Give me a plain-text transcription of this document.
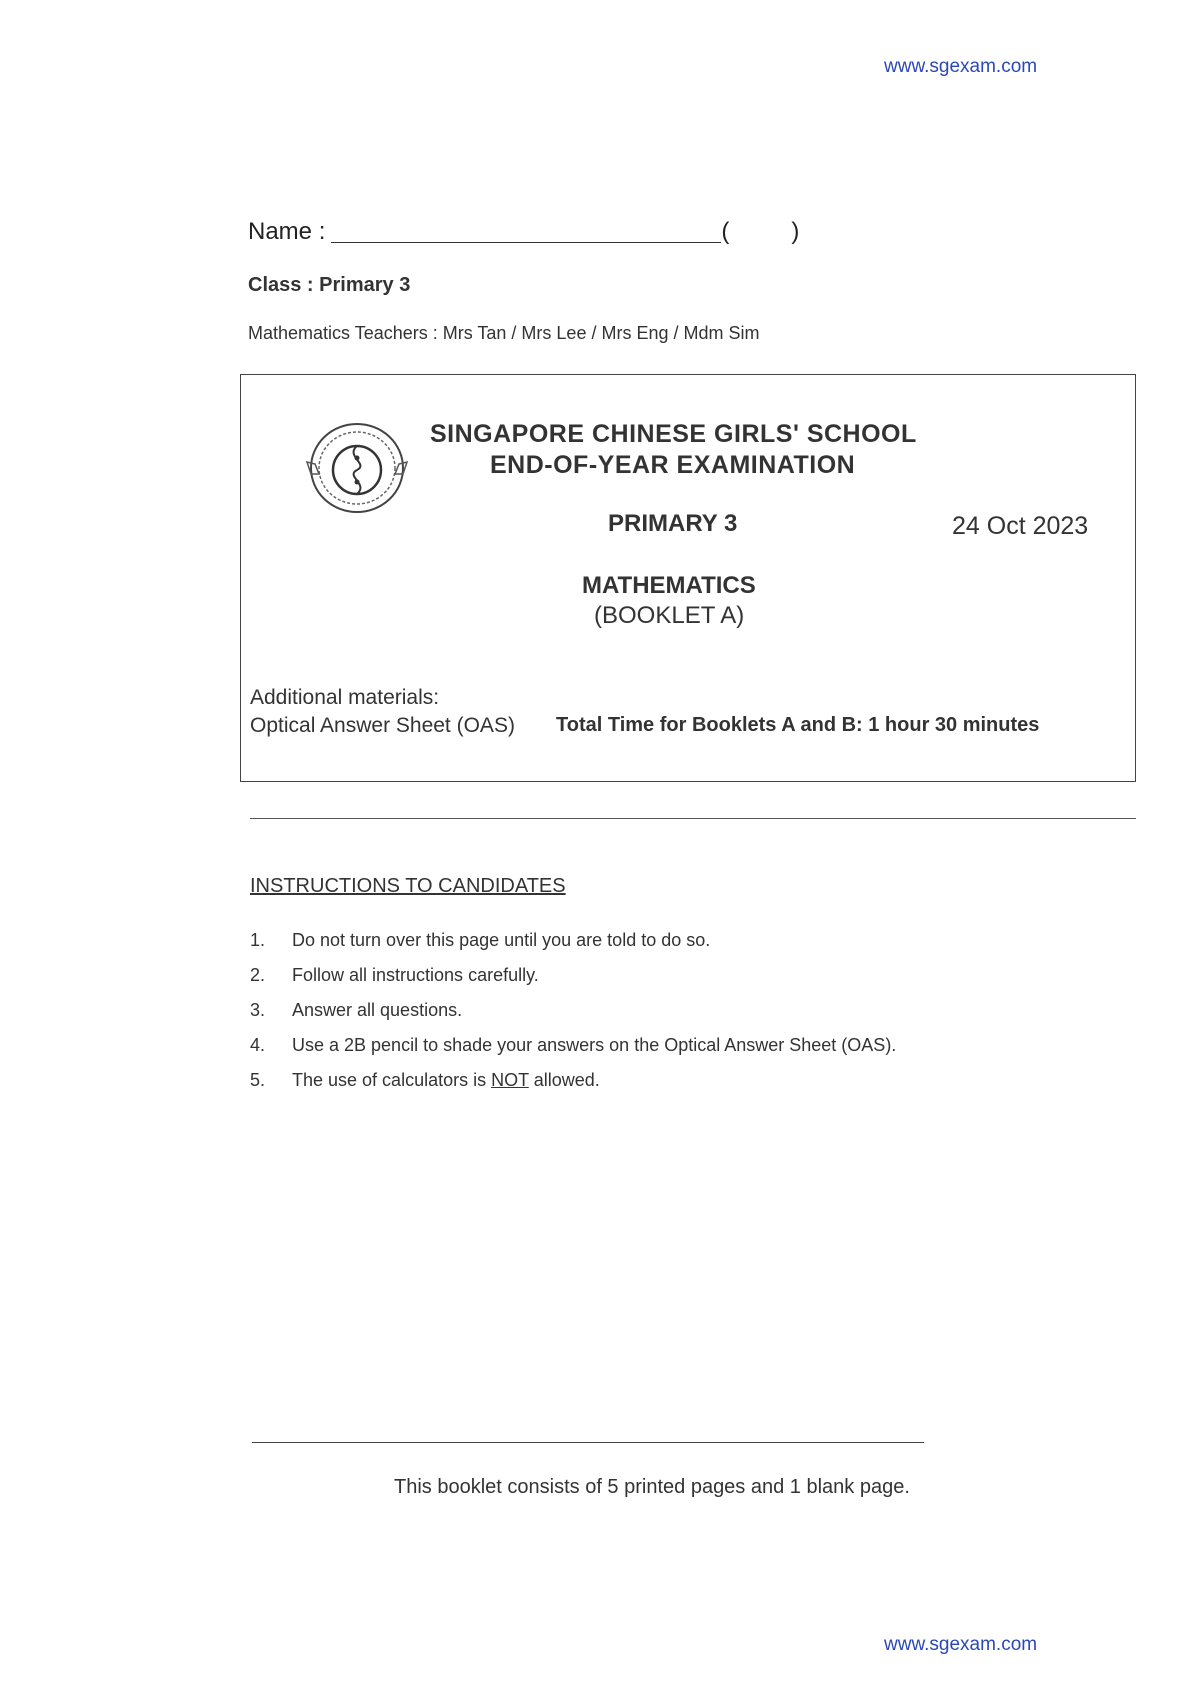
www.sgexam.com
Name :	(	)
Class : Primary 3
Mathematics Teachers : Mrs Tan / Mrs Lee / Mrs Eng / Mdm Sim
SINGAPORE CHINESE GIRLS' SCHOOL
END-OF-YEAR EXAMINATION
PRIMARY 3	24 Oct 2023
MATHEMATICS
(BOOKLET A)
Additional materials:
Optical Answer Sheet (OAS) Total Time for Booklets A and B: 1 hour 30 minutes
INSTRUCTIONS TO CANDIDATES
1.	Do not turn over this page until you are told to do so.
2.	Follow all instructions carefully.
3.	Answer all questions.
4.	Use a 2B pencil to shade your answers on the Optical Answer Sheet (OAS).
5.	The use of calculators is NOT allowed.
This booklet consists of 5 printed pages and 1 blank page.
www.sgexam.com
